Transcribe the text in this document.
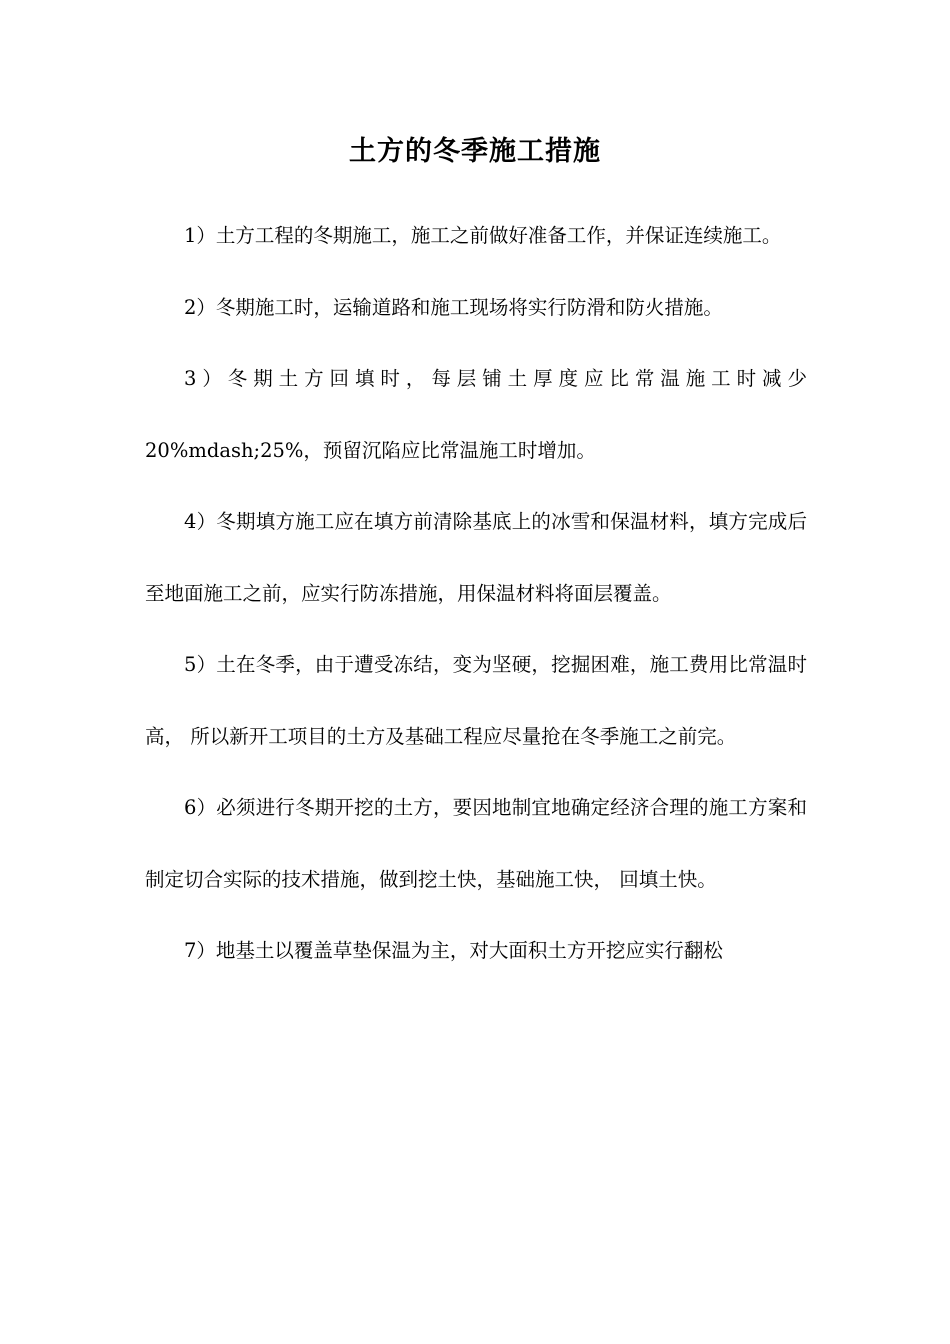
土方的冬季施工措施

1）土方工程的冬期施工，施工之前做好准备工作，并保证连续施工。

2）冬期施工时，运输道路和施工现场将实行防滑和防火措施。

3）冬期土方回填时，每层铺土厚度应比常温施工时减少20%mdash;25%，预留沉陷应比常温施工时增加。

4）冬期填方施工应在填方前清除基底上的冰雪和保温材料，填方完成后至地面施工之前，应实行防冻措施，用保温材料将面层覆盖。

5）土在冬季，由于遭受冻结，变为坚硬，挖掘困难，施工费用比常温时高， 所以新开工项目的土方及基础工程应尽量抢在冬季施工之前完。

6）必须进行冬期开挖的土方，要因地制宜地确定经济合理的施工方案和制定切合实际的技术措施，做到挖土快，基础施工快， 回填土快。

7）地基土以覆盖草垫保温为主，对大面积土方开挖应实行翻松
